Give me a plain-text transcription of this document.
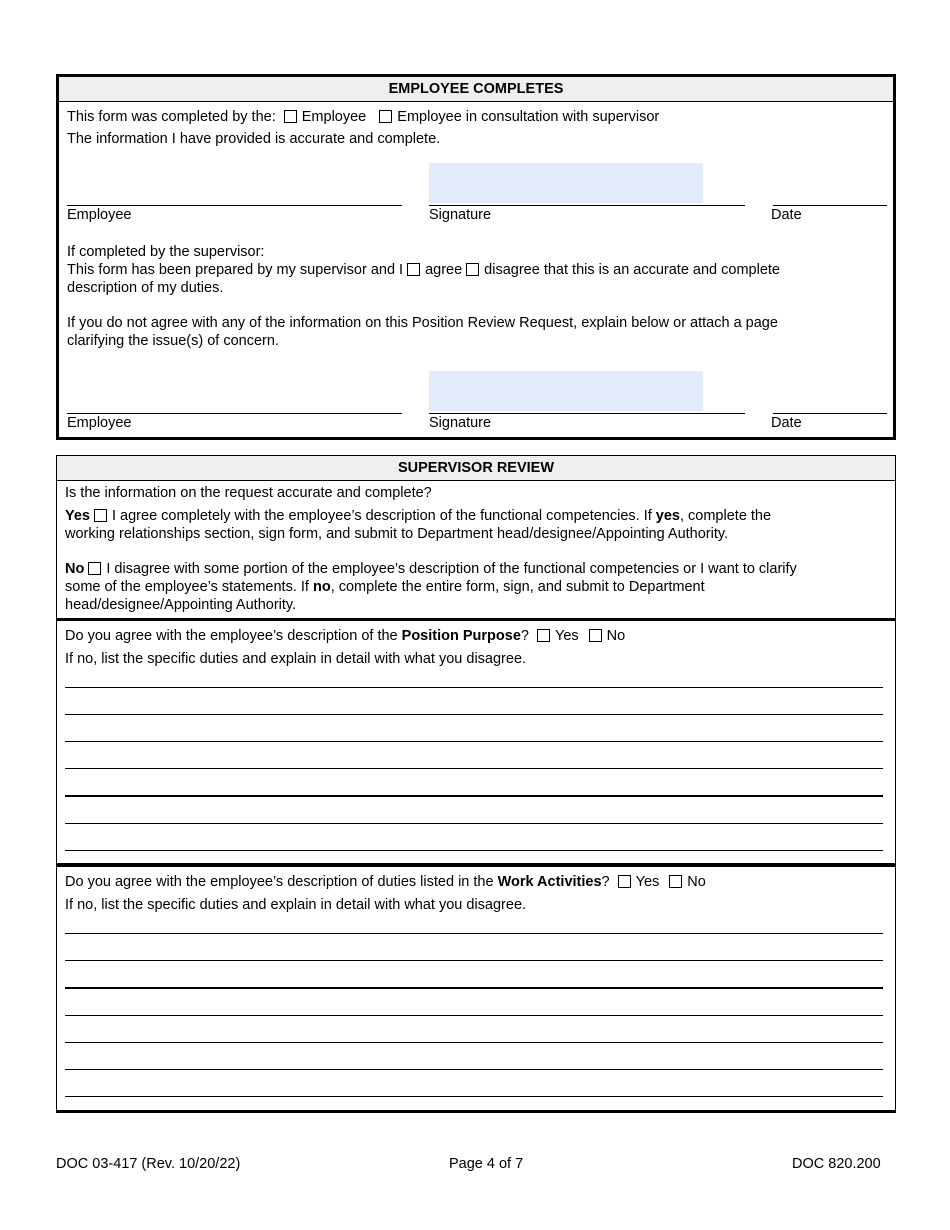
EMPLOYEE COMPLETES
This form was completed by the: Employee Employee in consultation with supervisor
The information I have provided is accurate and complete.
Employee	Signature	Date
If completed by the supervisor:
This form has been prepared by my supervisor and I agree disagree that this is an accurate and complete
description of my duties.
If you do not agree with any of the information on this Position Review Request, explain below or attach a page
clarifying the issue(s) of concern.
Employee	Signature	Date
SUPERVISOR REVIEW
Is the information on the request accurate and complete?
Yes I agree completely with the employee’s description of the functional competencies. If yes, complete the
working relationships section, sign form, and submit to Department head/designee/Appointing Authority.
No I disagree with some portion of the employee’s description of the functional competencies or I want to clarify
some of the employee’s statements. If no, complete the entire form, sign, and submit to Department
head/designee/Appointing Authority.
Do you agree with the employee’s description of the Position Purpose? Yes No
If no, list the specific duties and explain in detail with what you disagree.
Do you agree with the employee’s description of duties listed in the Work Activities? Yes No
If no, list the specific duties and explain in detail with what you disagree.
DOC 03-417 (Rev. 10/20/22)	Page 4 of 7	DOC 820.200
